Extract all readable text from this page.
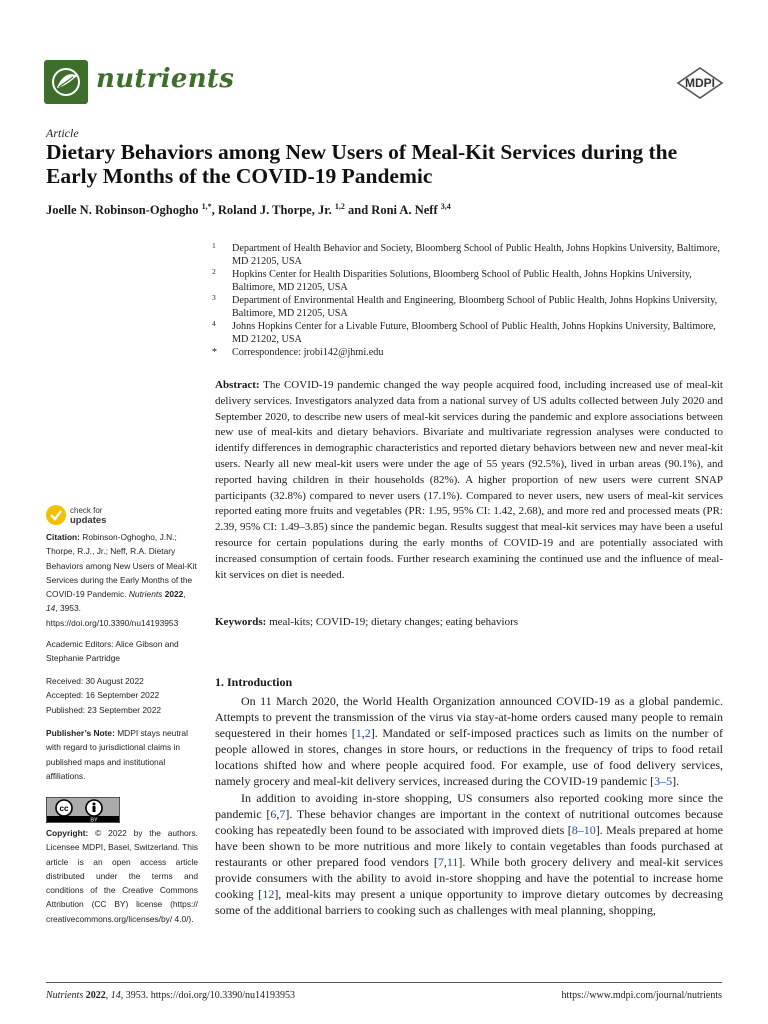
nutrients	MDPI
Article
Dietary Behaviors among New Users of Meal-Kit Services during the Early Months of the COVID-19 Pandemic
Joelle N. Robinson-Oghogho $^{1,*}$, Roland J. Thorpe, Jr. $^{1,2}$ and Roni A. Neff $^{3,4}$
1 Department of Health Behavior and Society, Bloomberg School of Public Health, Johns Hopkins University, Baltimore, MD 21205, USA
2 Hopkins Center for Health Disparities Solutions, Bloomberg School of Public Health, Johns Hopkins University, Baltimore, MD 21205, USA
3 Department of Environmental Health and Engineering, Bloomberg School of Public Health, Johns Hopkins University, Baltimore, MD 21205, USA
4 Johns Hopkins Center for a Livable Future, Bloomberg School of Public Health, Johns Hopkins University, Baltimore, MD 21202, USA
* Correspondence: jrobi142@jhmi.edu
Abstract: The COVID-19 pandemic changed the way people acquired food, including increased use of meal-kit delivery services. Investigators analyzed data from a national survey of US adults collected between July 2020 and September 2020, to describe new users of meal-kit services during the pandemic and explore associations between new use of meal-kits and dietary behaviors. Bivariate and multivariate regression analyses were conducted to identify differences in demographic characteristics and reported dietary behaviors between new and never meal-kit users. Nearly all new meal-kit users were under the age of 55 years (92.5%), lived in urban areas (90.1%), and reported having children in their households (82%). A higher proportion of new users were current SNAP participants (32.8%) compared to never users (17.1%). Compared to never users, new users of meal-kit services reported eating more fruits and vegetables (PR: 1.95, 95% CI: 1.42, 2.68), and more red and processed meats (PR: 2.39, 95% CI: 1.49–3.85) since the pandemic began. Results suggest that meal-kit services may have been a useful resource for certain populations during the early months of COVID-19 and are potentially associated with increased consumption of certain foods. Further research examining the continued use and the influence of meal-kit services on diet is needed.
Keywords: meal-kits; COVID-19; dietary changes; eating behaviors
1. Introduction

On 11 March 2020, the World Health Organization announced COVID-19 as a global pandemic. Attempts to prevent the transmission of the virus via stay-at-home orders caused many people to remain sequestered in their homes [1,2]. Mandated or self-imposed practices such as limits on the number of people allowed in stores, changes in store hours, or reductions in the frequency of trips to food retail locations shifted how and where people acquired food. For example, use of food delivery services, namely grocery and meal-kit delivery services, increased during the COVID-19 pandemic [3–5].

In addition to avoiding in-store shopping, US consumers also reported cooking more since the pandemic [6,7]. These behavior changes are important in the context of nutritional outcomes because cooking has repeatedly been found to be associated with improved diets [8–10]. Meals prepared at home have been shown to be more nutritious and more likely to contain vegetables than foods purchased at restaurants or other prepared food vendors [7,11]. While both grocery delivery and meal-kit services provide consumers with the ability to avoid in-store shopping and have the potential to increase home cooking [12], meal-kits may present a unique opportunity to improve dietary outcomes by decreasing some of the additional barriers to cooking such as challenges with meal planning, shopping,

check for
updates
Citation: Robinson-Oghogho, J.N.; Thorpe, R.J., Jr.; Neff, R.A. Dietary Behaviors among New Users of Meal-Kit Services during the Early Months of the COVID-19 Pandemic. Nutrients 2022, 14, 3953. https://doi.org/10.3390/nu14193953
Academic Editors: Alice Gibson and Stephanie Partridge
Received: 30 August 2022
Accepted: 16 September 2022
Published: 23 September 2022
Publisher’s Note: MDPI stays neutral with regard to jurisdictional claims in published maps and institutional affiliations.
cc
BY
Copyright: © 2022 by the authors. Licensee MDPI, Basel, Switzerland. This article is an open access article distributed under the terms and conditions of the Creative Commons Attribution (CC BY) license (https:// creativecommons.org/licenses/by/ 4.0/).
Nutrients 2022, 14, 3953. https://doi.org/10.3390/nu14193953	https://www.mdpi.com/journal/nutrients
